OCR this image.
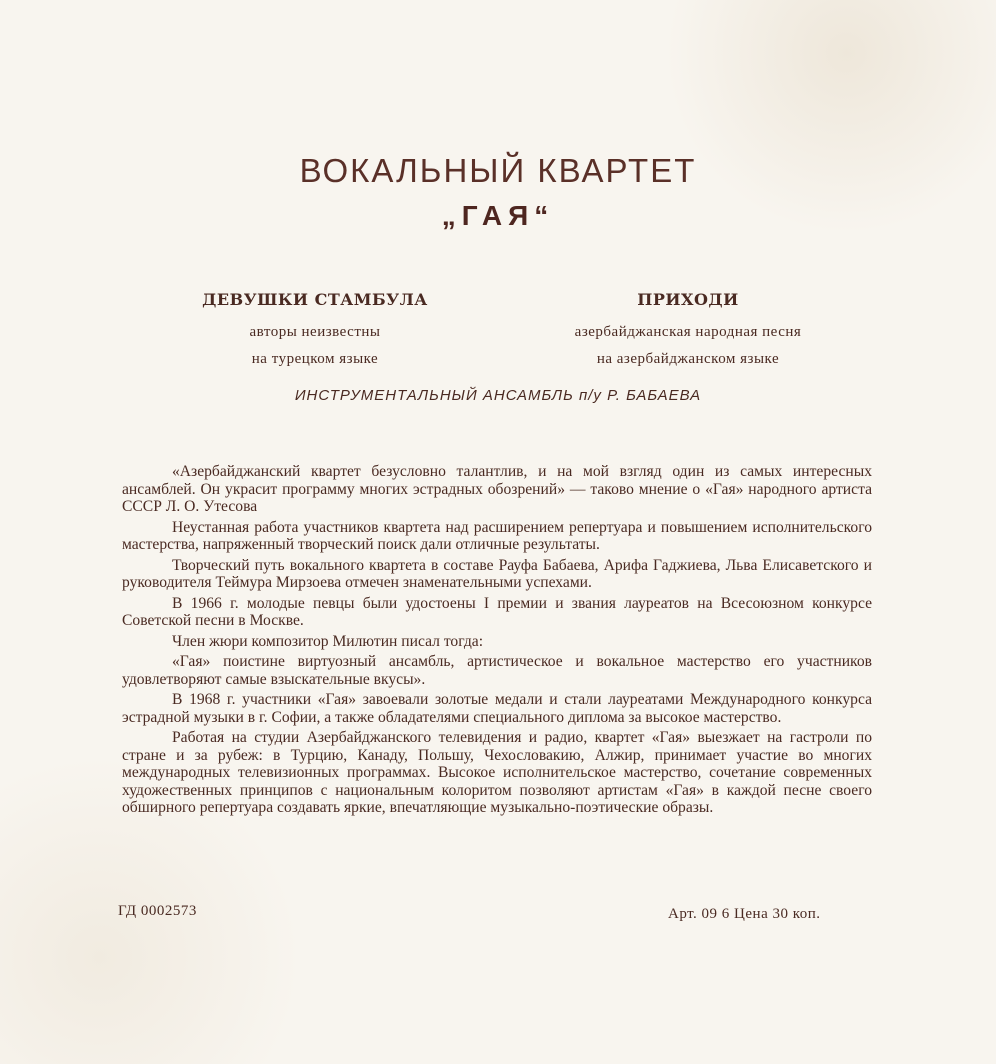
ВОКАЛЬНЫЙ КВАРТЕТ
„ГАЯ“
ДЕВУШКИ СТАМБУЛА
авторы неизвестны
на турецком языке
ПРИХОДИ
азербайджанская народная песня
на азербайджанском языке
ИНСТРУМЕНТАЛЬНЫЙ АНСАМБЛЬ п/у Р. БАБАЕВА

«Азербайджанский квартет безусловно талантлив, и на мой взгляд один из самых интересных ансамблей. Он украсит программу многих эстрадных обозрений» — таково мнение о «Гая» народного артиста СССР Л. О. Утесова

Неустанная работа участников квартета над расширением репертуара и повышением исполнительского мастерства, напряженный творческий поиск дали отличные результаты.

Творческий путь вокального квартета в составе Рауфа Бабаева, Арифа Гаджиева, Льва Елисаветского и руководителя Теймура Мирзоева отмечен знаменательными успехами.

В 1966 г. молодые певцы были удостоены I премии и звания лауреатов на Всесоюзном конкурсе Советской песни в Москве.

Член жюри композитор Милютин писал тогда:

«Гая» поистине виртуозный ансамбль, артистическое и вокальное мастерство его участников удовлетворяют самые взыскательные вкусы».

В 1968 г. участники «Гая» завоевали золотые медали и стали лауреатами Международного конкурса эстрадной музыки в г. Софии, а также обладателями специального диплома за высокое мастерство.

Работая на студии Азербайджанского телевидения и радио, квартет «Гая» выезжает на гастроли по стране и за рубеж: в Турцию, Канаду, Польшу, Чехословакию, Алжир, принимает участие во многих международных телевизионных программах. Высокое исполнительское мастерство, сочетание современных художественных принципов с национальным колоритом позволяют артистам «Гая» в каждой песне своего обширного репертуара создавать яркие, впечатляющие музыкально-поэтические образы.

ГД 0002573	Арт. 09 6 Цена 30 коп.
